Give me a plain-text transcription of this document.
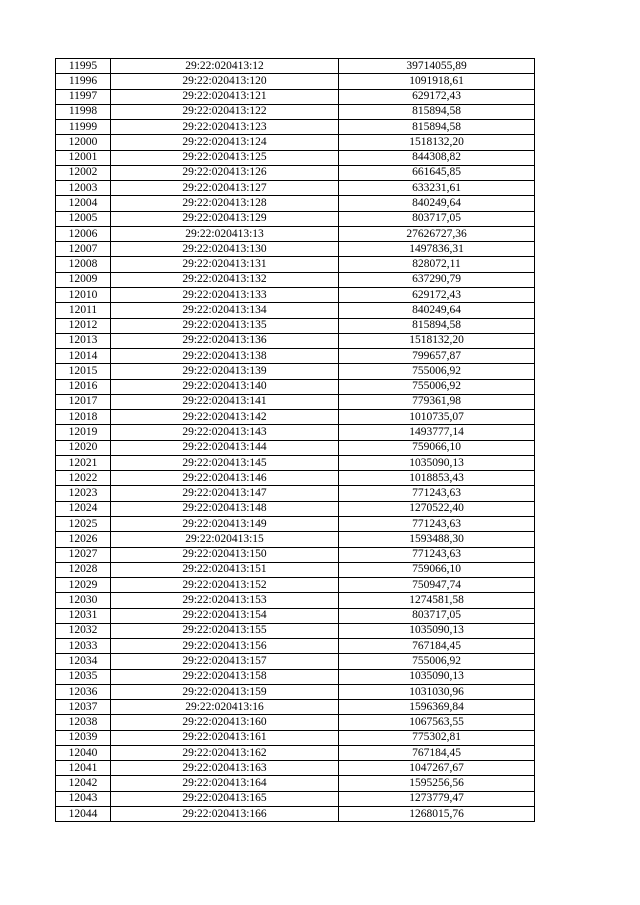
11995	29:22:020413:12	39714055,89
11996	29:22:020413:120	1091918,61
11997	29:22:020413:121	629172,43
11998	29:22:020413:122	815894,58
11999	29:22:020413:123	815894,58
12000	29:22:020413:124	1518132,20
12001	29:22:020413:125	844308,82
12002	29:22:020413:126	661645,85
12003	29:22:020413:127	633231,61
12004	29:22:020413:128	840249,64
12005	29:22:020413:129	803717,05
12006	29:22:020413:13	27626727,36
12007	29:22:020413:130	1497836,31
12008	29:22:020413:131	828072,11
12009	29:22:020413:132	637290,79
12010	29:22:020413:133	629172,43
12011	29:22:020413:134	840249,64
12012	29:22:020413:135	815894,58
12013	29:22:020413:136	1518132,20
12014	29:22:020413:138	799657,87
12015	29:22:020413:139	755006,92
12016	29:22:020413:140	755006,92
12017	29:22:020413:141	779361,98
12018	29:22:020413:142	1010735,07
12019	29:22:020413:143	1493777,14
12020	29:22:020413:144	759066,10
12021	29:22:020413:145	1035090,13
12022	29:22:020413:146	1018853,43
12023	29:22:020413:147	771243,63
12024	29:22:020413:148	1270522,40
12025	29:22:020413:149	771243,63
12026	29:22:020413:15	1593488,30
12027	29:22:020413:150	771243,63
12028	29:22:020413:151	759066,10
12029	29:22:020413:152	750947,74
12030	29:22:020413:153	1274581,58
12031	29:22:020413:154	803717,05
12032	29:22:020413:155	1035090,13
12033	29:22:020413:156	767184,45
12034	29:22:020413:157	755006,92
12035	29:22:020413:158	1035090,13
12036	29:22:020413:159	1031030,96
12037	29:22:020413:16	1596369,84
12038	29:22:020413:160	1067563,55
12039	29:22:020413:161	775302,81
12040	29:22:020413:162	767184,45
12041	29:22:020413:163	1047267,67
12042	29:22:020413:164	1595256,56
12043	29:22:020413:165	1273779,47
12044	29:22:020413:166	1268015,76
